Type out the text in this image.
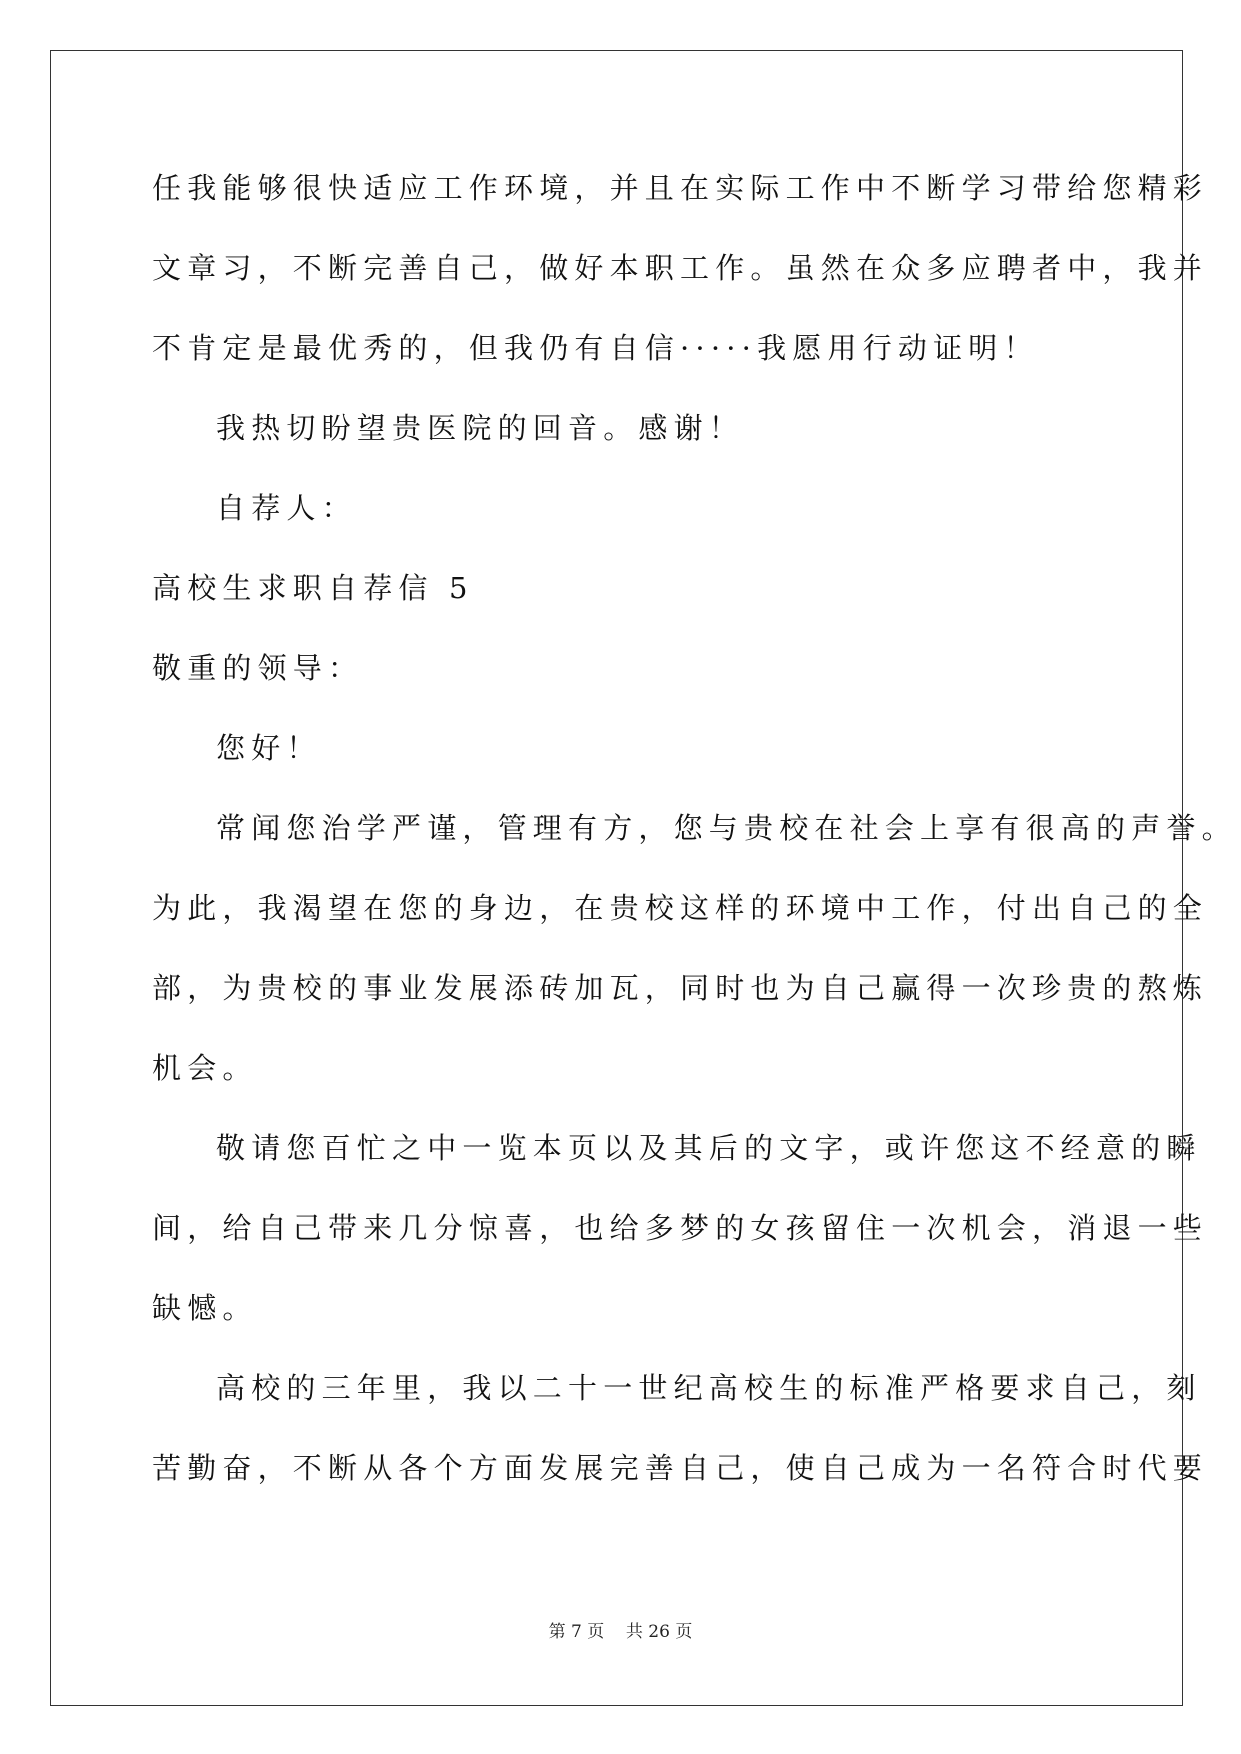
任我能够很快适应工作环境，并且在实际工作中不断学习带给您精彩
文章习，不断完善自己，做好本职工作。虽然在众多应聘者中，我并
不肯定是最优秀的，但我仍有自信·····我愿用行动证明！
我热切盼望贵医院的回音。感谢！
自荐人：
高校生求职自荐信 5
敬重的领导：
您好！
常闻您治学严谨，管理有方，您与贵校在社会上享有很高的声誉。
为此，我渴望在您的身边，在贵校这样的环境中工作，付出自己的全
部，为贵校的事业发展添砖加瓦，同时也为自己赢得一次珍贵的熬炼
机会。
敬请您百忙之中一览本页以及其后的文字，或许您这不经意的瞬
间，给自己带来几分惊喜，也给多梦的女孩留住一次机会，消退一些
缺憾。
高校的三年里，我以二十一世纪高校生的标准严格要求自己，刻
苦勤奋，不断从各个方面发展完善自己，使自己成为一名符合时代要
第 7 页    共 26 页
